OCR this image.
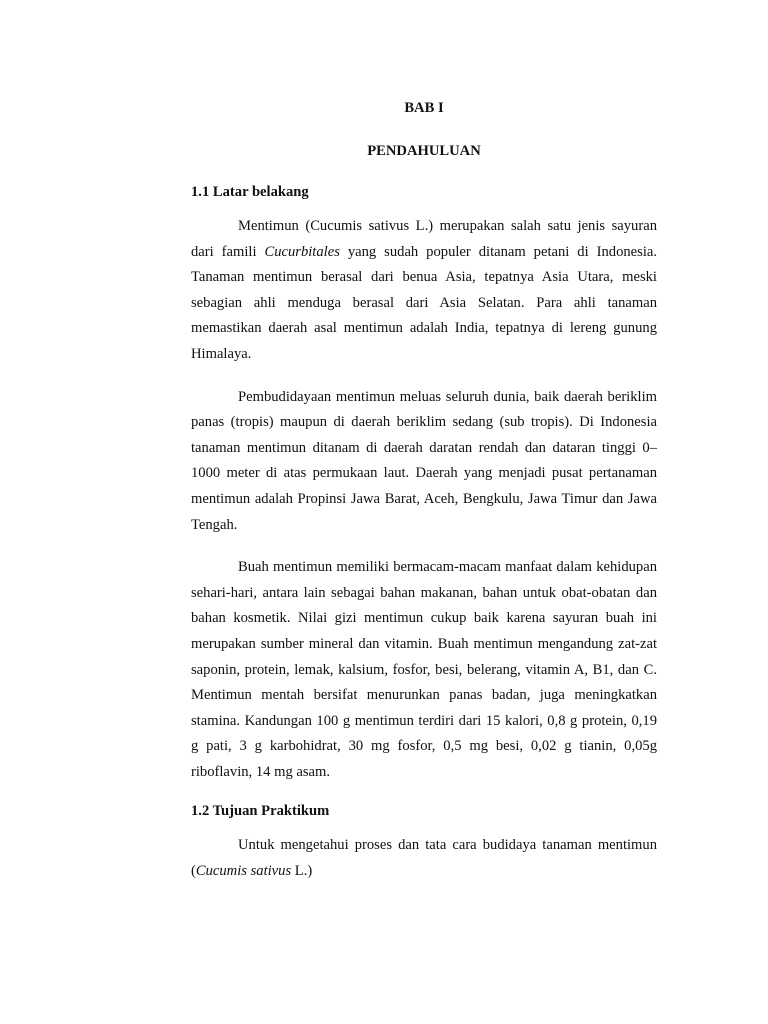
BAB I

PENDAHULUAN

1.1 Latar belakang

Mentimun (Cucumis sativus L.) merupakan salah satu jenis sayuran dari famili Cucurbitales yang sudah populer ditanam petani di Indonesia. Tanaman mentimun berasal dari benua Asia, tepatnya Asia Utara, meski sebagian ahli menduga berasal dari Asia Selatan. Para ahli tanaman memastikan daerah asal mentimun adalah India, tepatnya di lereng gunung Himalaya.

Pembudidayaan mentimun meluas seluruh dunia, baik daerah beriklim panas (tropis) maupun di daerah beriklim sedang (sub tropis). Di Indonesia tanaman mentimun ditanam di daerah daratan rendah dan dataran tinggi 0–1000 meter di atas permukaan laut. Daerah yang menjadi pusat pertanaman mentimun adalah Propinsi Jawa Barat, Aceh, Bengkulu, Jawa Timur dan Jawa Tengah.

Buah mentimun memiliki bermacam-macam manfaat dalam kehidupan sehari-hari, antara lain sebagai bahan makanan, bahan untuk obat-obatan dan bahan kosmetik. Nilai gizi mentimun cukup baik karena sayuran buah ini merupakan sumber mineral dan vitamin. Buah mentimun mengandung zat-zat saponin, protein, lemak, kalsium, fosfor, besi, belerang, vitamin A, B1, dan C. Mentimun mentah bersifat menurunkan panas badan, juga meningkatkan stamina. Kandungan 100 g mentimun terdiri dari 15 kalori, 0,8 g protein, 0,19 g pati, 3 g karbohidrat, 30 mg fosfor, 0,5 mg besi, 0,02 g tianin, 0,05g riboflavin, 14 mg asam.

1.2 Tujuan Praktikum

Untuk mengetahui proses dan tata cara budidaya tanaman mentimun (Cucumis sativus L.)
